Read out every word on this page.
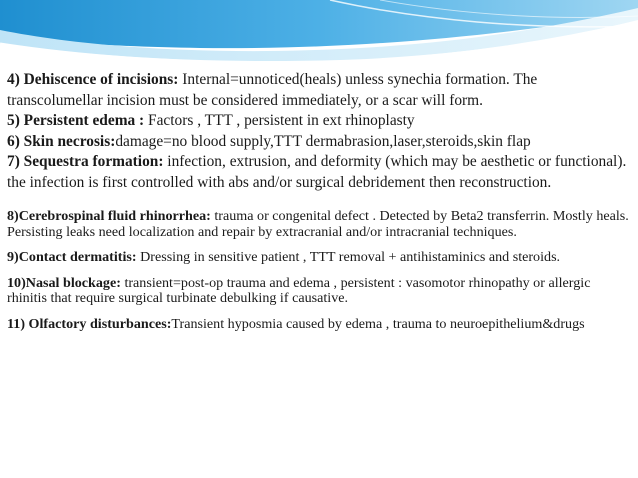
4) Dehiscence of incisions: Internal=unnoticed(heals) unless synechia formation. The transcolumellar incision must be considered immediately, or a scar will form.

5) Persistent edema : Factors , TTT , persistent in ext rhinoplasty

6) Skin necrosis:damage=no blood supply,TTT dermabrasion,laser,steroids,skin flap

7) Sequestra formation: infection, extrusion, and deformity (which may be aesthetic or functional). the infection is first controlled with abs and/or surgical debridement then reconstruction.

8)Cerebrospinal fluid rhinorrhea: trauma or congenital defect . Detected by Beta2 transferrin. Mostly heals. Persisting leaks need localization and repair by extracranial and/or intracranial techniques.

9)Contact dermatitis: Dressing in sensitive patient , TTT removal + antihistaminics and steroids.

10)Nasal blockage: transient=post-op trauma and edema , persistent : vasomotor rhinopathy or allergic rhinitis that require surgical turbinate debulking if causative.

11) Olfactory disturbances:Transient hyposmia caused by edema , trauma to neuroepithelium&drugs
